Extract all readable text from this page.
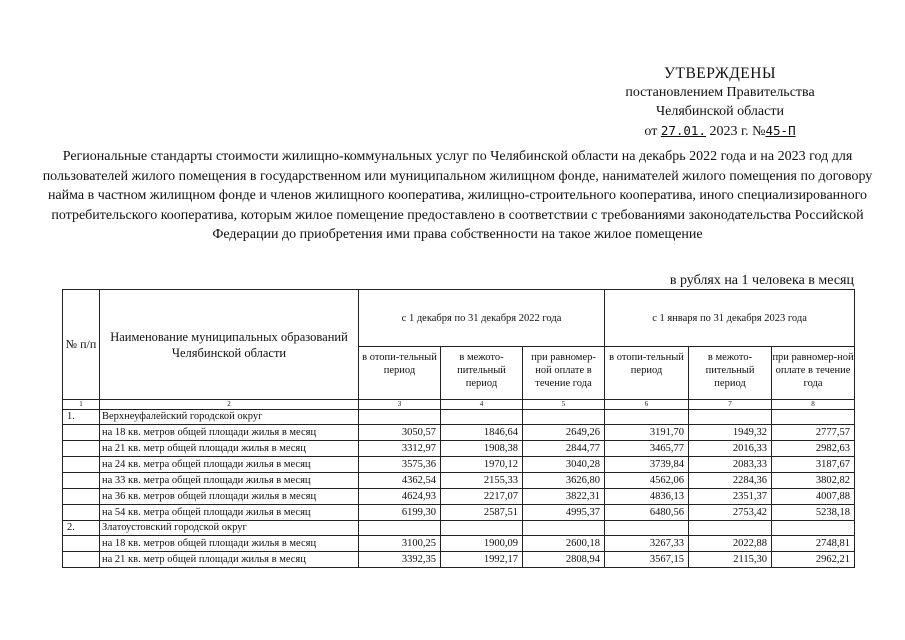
УТВЕРЖДЕНЫ
постановлением Правительства
Челябинской области
от 27.01. 2023 г. №45-П
Региональные стандарты стоимости жилищно-коммунальных услуг по Челябинской области на декабрь 2022 года и на 2023 год для пользователей жилого помещения в государственном или муниципальном жилищном фонде, нанимателей жилого помещения по договору найма в частном жилищном фонде и членов жилищного кооператива, жилищно-строительного кооператива, иного специализированного потребительского кооператива, которым жилое помещение предоставлено в соответствии с требованиями законодательства Российской Федерации до приобретения ими права собственности на такое жилое помещение
в рублях на 1 человека в месяц
№ п/п	Наименование муниципальных образований Челябинской области	с 1 декабря по 31 декабря 2022 года			с 1 января по 31 декабря 2023 года		
		в отопи-тельный период	в межото-пительный период	при равномер-ной оплате в течение года	в отопи-тельный период	в межото-пительный период	при равномер-ной оплате в течение года
1	2	3	4	5	6	7	8
1.	Верхнеуфалейский городской округ						
	на 18 кв. метров общей площади жилья в месяц	3050,57	1846,64	2649,26	3191,70	1949,32	2777,57
	на 21 кв. метр общей площади жилья в месяц	3312,97	1908,38	2844,77	3465,77	2016,33	2982,63
	на 24 кв. метра общей площади жилья в месяц	3575,36	1970,12	3040,28	3739,84	2083,33	3187,67
	на 33 кв. метра общей площади жилья в месяц	4362,54	2155,33	3626,80	4562,06	2284,36	3802,82
	на 36 кв. метров общей площади жилья в месяц	4624,93	2217,07	3822,31	4836,13	2351,37	4007,88
	на 54 кв. метра общей площади жилья в месяц	6199,30	2587,51	4995,37	6480,56	2753,42	5238,18
2.	Златоустовский городской округ						
	на 18 кв. метров общей площади жилья в месяц	3100,25	1900,09	2600,18	3267,33	2022,88	2748,81
	на 21 кв. метр общей площади жилья в месяц	3392,35	1992,17	2808,94	3567,15	2115,30	2962,21
